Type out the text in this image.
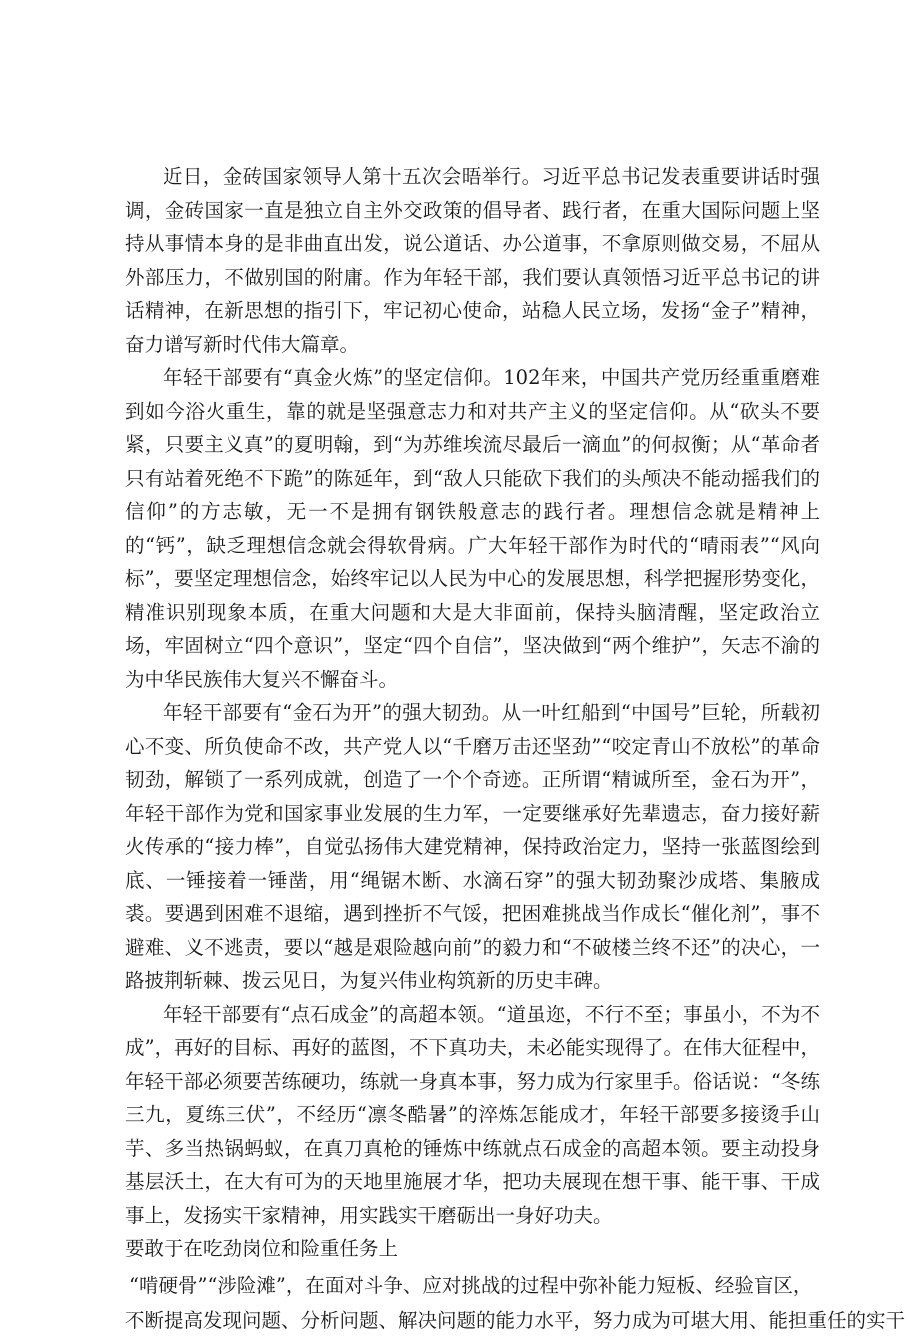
近日，金砖国家领导人第十五次会晤举行。习近平总书记发表重要讲话时强调，金砖国家一直是独立自主外交政策的倡导者、践行者，在重大国际问题上坚持从事情本身的是非曲直出发，说公道话、办公道事，不拿原则做交易，不屈从外部压力，不做别国的附庸。作为年轻干部，我们要认真领悟习近平总书记的讲话精神，在新思想的指引下，牢记初心使命，站稳人民立场，发扬“金子”精神，奋力谱写新时代伟大篇章。

年轻干部要有“真金火炼”的坚定信仰。102年来，中国共产党历经重重磨难到如今浴火重生，靠的就是坚强意志力和对共产主义的坚定信仰。从“砍头不要紧，只要主义真”的夏明翰，到“为苏维埃流尽最后一滴血”的何叔衡；从“革命者只有站着死绝不下跪”的陈延年，到“敌人只能砍下我们的头颅决不能动摇我们的信仰”的方志敏，无一不是拥有钢铁般意志的践行者。理想信念就是精神上的“钙”，缺乏理想信念就会得软骨病。广大年轻干部作为时代的“晴雨表”“风向标”，要坚定理想信念，始终牢记以人民为中心的发展思想，科学把握形势变化，精准识别现象本质，在重大问题和大是大非面前，保持头脑清醒，坚定政治立场，牢固树立“四个意识”，坚定“四个自信”，坚决做到“两个维护”，矢志不渝的为中华民族伟大复兴不懈奋斗。

年轻干部要有“金石为开”的强大韧劲。从一叶红船到“中国号”巨轮，所载初心不变、所负使命不改，共产党人以“千磨万击还坚劲”“咬定青山不放松”的革命韧劲，解锁了一系列成就，创造了一个个奇迹。正所谓“精诚所至，金石为开”，年轻干部作为党和国家事业发展的生力军，一定要继承好先辈遗志，奋力接好薪火传承的“接力棒”，自觉弘扬伟大建党精神，保持政治定力，坚持一张蓝图绘到底、一锤接着一锤凿，用“绳锯木断、水滴石穿”的强大韧劲聚沙成塔、集腋成裘。要遇到困难不退缩，遇到挫折不气馁，把困难挑战当作成长“催化剂”，事不避难、义不逃责，要以“越是艰险越向前”的毅力和“不破楼兰终不还”的决心，一路披荆斩棘、拨云见日，为复兴伟业构筑新的历史丰碑。

年轻干部要有“点石成金”的高超本领。“道虽迩，不行不至；事虽小，不为不成”，再好的目标、再好的蓝图，不下真功夫，未必能实现得了。在伟大征程中，年轻干部必须要苦练硬功，练就一身真本事，努力成为行家里手。俗话说：“冬练三九，夏练三伏”，不经历“凛冬酷暑”的淬炼怎能成才，年轻干部要多接烫手山芋、多当热锅蚂蚁，在真刀真枪的锤炼中练就点石成金的高超本领。要主动投身基层沃土，在大有可为的天地里施展才华，把功夫展现在想干事、能干事、干成事上，发扬实干家精神，用实践实干磨砺出一身好功夫。

要敢于在吃劲岗位和险重任务上

“啃硬骨”“涉险滩”，在面对斗争、应对挑战的过程中弥补能力短板、经验盲区，

不断提高发现问题、分析问题、解决问题的能力水平，努力成为可堪大用、能担重任的实干
